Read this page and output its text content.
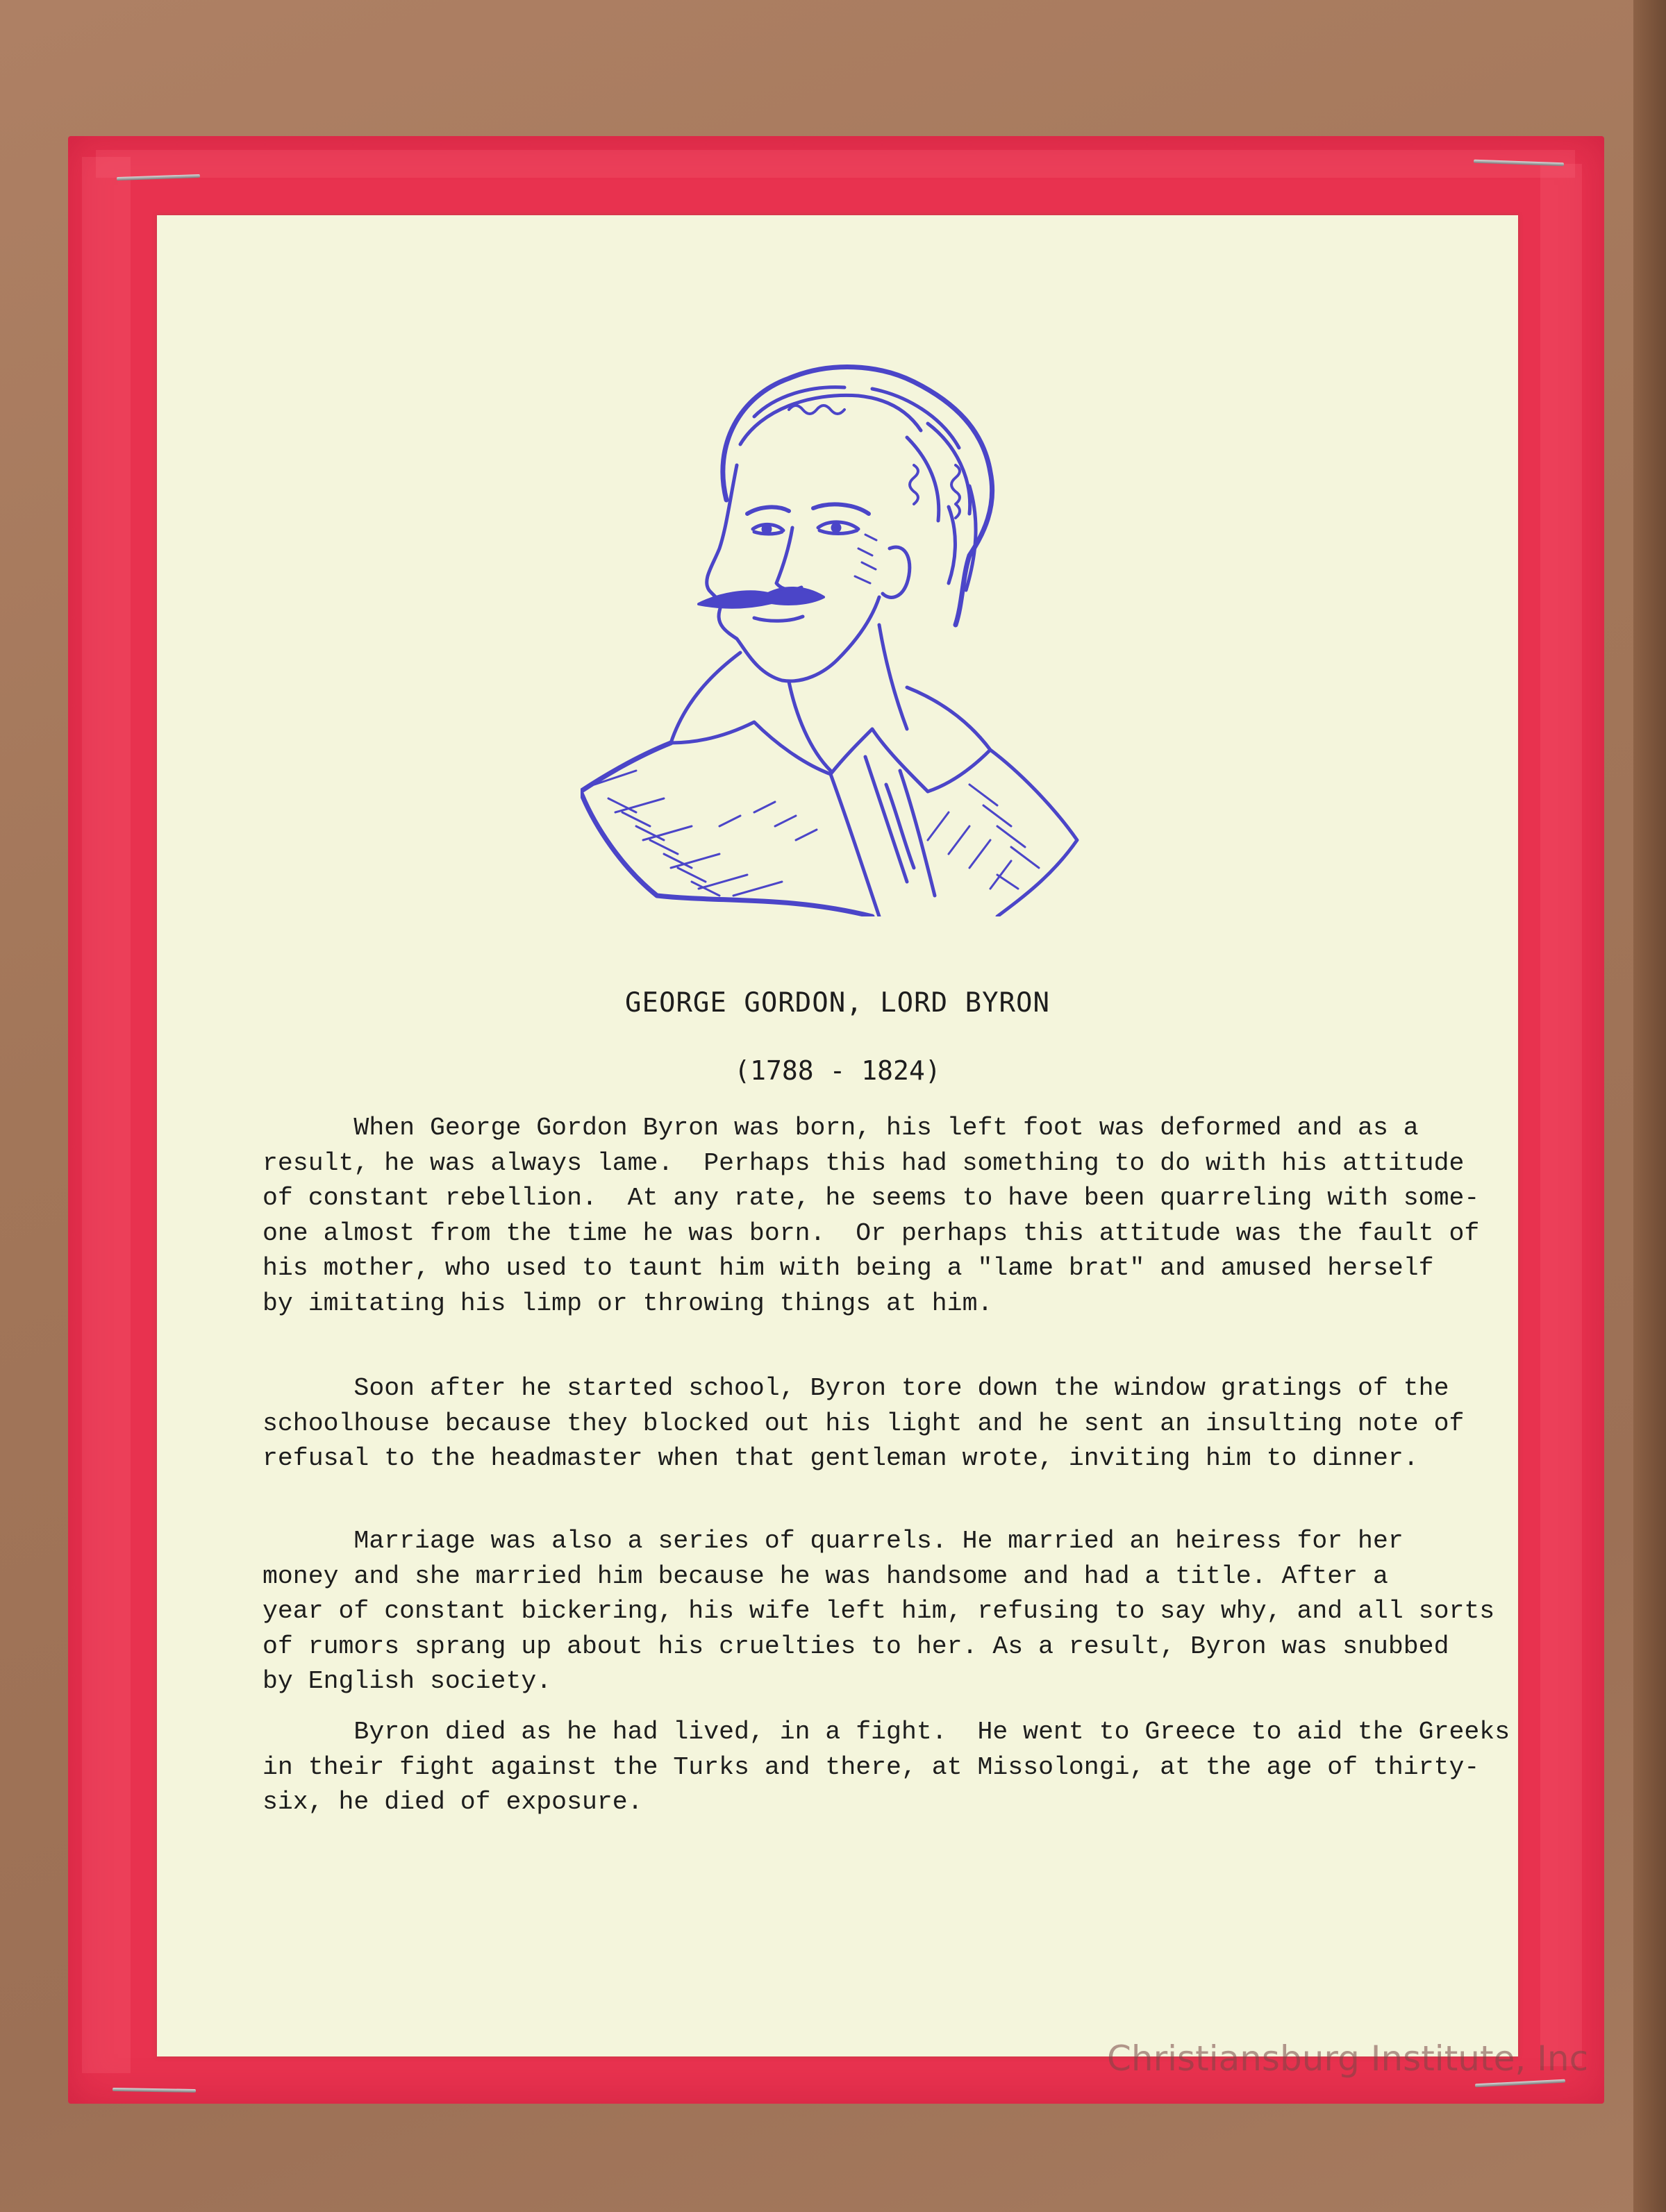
GEORGE GORDON, LORD BYRON
(1788 - 1824)

When George Gordon Byron was born, his left foot was deformed and as a
result, he was always lame.  Perhaps this had something to do with his attitude
of constant rebellion.  At any rate, he seems to have been quarreling with some-
one almost from the time he was born.  Or perhaps this attitude was the fault of
his mother, who used to taunt him with being a "lame brat" and amused herself
by imitating his limp or throwing things at him.

Soon after he started school, Byron tore down the window gratings of the
schoolhouse because they blocked out his light and he sent an insulting note of
refusal to the headmaster when that gentleman wrote, inviting him to dinner.

Marriage was also a series of quarrels. He married an heiress for her
money and she married him because he was handsome and had a title. After a
year of constant bickering, his wife left him, refusing to say why, and all sorts
of rumors sprang up about his cruelties to her. As a result, Byron was snubbed
by English society.

Byron died as he had lived, in a fight.  He went to Greece to aid the Greeks
in their fight against the Turks and there, at Missolongi, at the age of thirty-
six, he died of exposure.

Christiansburg Institute, Inc
